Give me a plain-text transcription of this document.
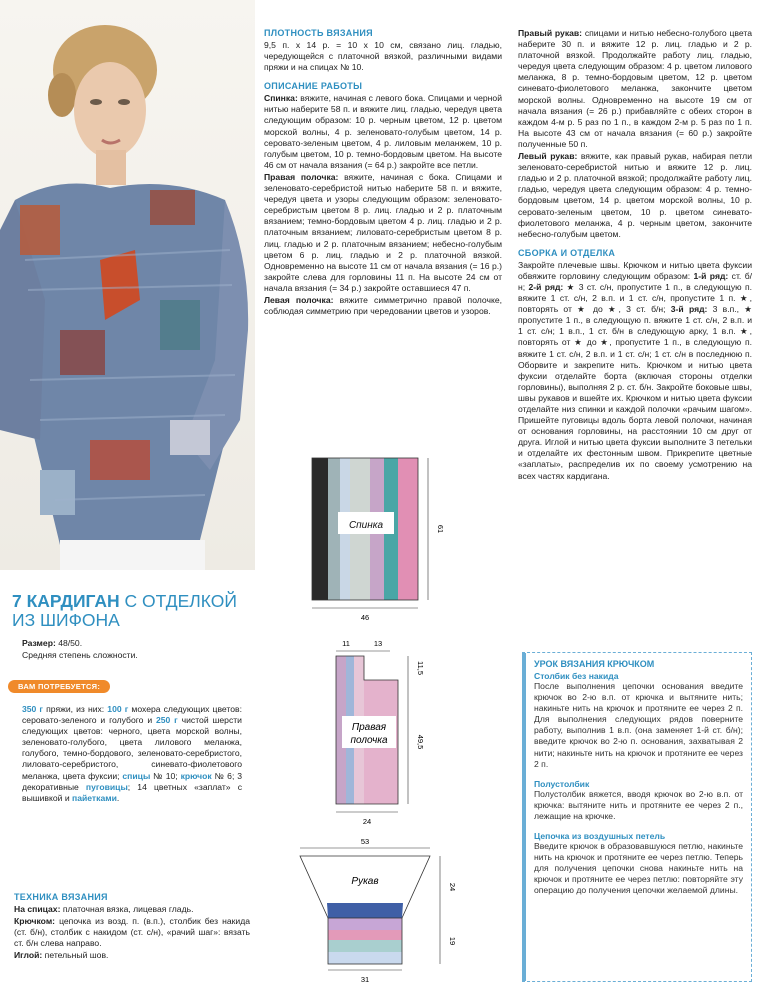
7 КАРДИГАН С ОТДЕЛКОЙ
ИЗ ШИФОНА

Размер: 48/50.

Средняя степень сложности.

ВАМ ПОТРЕБУЕТСЯ:

350 г пряжи, из них: 100 г мохера следующих цветов: серовато-зеленого и голубого и 250 г чистой шерсти следующих цветов: черного, цвета морской волны, зеленовато-голубого, цвета лилового меланжа, голубого, темно-бордового, зеленовато-серебристого, лиловато-серебристого, синевато-фиолетового меланжа, цвета фуксии; спицы № 10; крючок № 6; 3 декоративные пуговицы; 14 цветных «заплат» с вышивкой и пайетками.

ТЕХНИКА ВЯЗАНИЯ

На спицах: платочная вязка, лицевая гладь.

Крючком: цепочка из возд. п. (в.п.), столбик без накида (ст. б/н), столбик с накидом (ст. с/н), «рачий шаг»: вязать ст. б/н слева направо.

Иглой: петельный шов.

ПЛОТНОСТЬ ВЯЗАНИЯ

9,5 п. х 14 р. = 10 х 10 см, связано лиц. гладью, чередующейся с платочной вязкой, различными видами пряжи и на спицах № 10.

ОПИСАНИЕ РАБОТЫ

Спинка: вяжите, начиная с левого бока. Спицами и черной нитью наберите 58 п. и вяжите лиц. гладью, чередуя цвета следующим образом: 10 р. черным цветом, 12 р. цветом морской волны, 4 р. зеленовато-голубым цветом, 14 р. серовато-зеленым цветом, 4 р. лиловым меланжем, 10 р. голубым цветом, 10 р. темно-бордовым цветом. На высоте 46 см от начала вязания (= 64 р.) закройте все петли.

Правая полочка: вяжите, начиная с бока. Спицами и зеленовато-серебристой нитью наберите 58 п. и вяжите, чередуя цвета и узоры следующим образом: зеленовато-серебристым цветом 8 р. лиц. гладью и 2 р. платочным вязанием; темно-бордовым цветом 4 р. лиц. гладью и 2 р. платочным вязанием; лиловато-серебристым цветом 8 р. лиц. гладью и 2 р. платочным вязанием; небесно-голубым цветом 6 р. лиц. гладью и 2 р. платочной вязкой. Одновременно на высоте 11 см от начала вязания (= 16 р.) закройте слева для горловины 11 п. На высоте 24 см от начала вязания (= 34 р.) закройте оставшиеся 47 п.

Левая полочка: вяжите симметрично правой полочке, соблюдая симметрию при чередовании цветов и узоров.

Правый рукав: спицами и нитью небесно-голубого цвета наберите 30 п. и вяжите 12 р. лиц. гладью и 2 р. платочной вязкой. Продолжайте работу лиц. гладью, чередуя цвета следующим образом: 4 р. цветом лилового меланжа, 8 р. темно-бордовым цветом, 12 р. цветом синевато-фиолетового меланжа, закончите цветом морской волны. Одновременно на высоте 19 см от начала вязания (= 26 р.) прибавляйте с обеих сторон в каждом 4-м р. 5 раз по 1 п., в каждом 2-м р. 5 раз по 1 п. На высоте 43 см от начала вязания (= 60 р.) закройте полученные 50 п.

Левый рукав: вяжите, как правый рукав, набирая петли зеленовато-серебристой нитью и вяжите 12 р. лиц. гладью и 2 р. платочной вязкой; продолжайте работу лиц. гладью, чередуя цвета следующим образом: 4 р. темно-бордовым цветом, 14 р. цветом морской волны, 10 р. серовато-зеленым цветом, 10 р. цветом синевато-фиолетового меланжа, 4 р. черным цветом, закончите небесно-голубым цветом.

СБОРКА И ОТДЕЛКА

Закройте плечевые швы. Крючком и нитью цвета фуксии обвяжите горловину следующим образом: 1-й ряд: ст. б/н; 2-й ряд: ★ 3 ст. с/н, пропустите 1 п., в следующую п. вяжите 1 ст. с/н, 2 в.п. и 1 ст. с/н, пропустите 1 п. ★, повторять от ★ до ★, 3 ст. б/н; 3-й ряд: 3 в.п., ★ пропустите 1 п., в следующую п. вяжите 1 ст. с/н, 2 в.п. и 1 ст. с/н; 1 в.п., 1 ст. б/н в следующую арку, 1 в.п. ★, повторять от ★ до ★, пропустите 1 п., в следующую п. вяжите 1 ст. с/н, 2 в.п. и 1 ст. с/н; 1 ст. с/н в последнюю п. Оборвите и закрепите нить. Крючком и нитью цвета фуксии отделайте борта (включая стороны отделки горловины), выполняя 2 р. ст. б/н. Закройте боковые швы, швы рукавов и вшейте их. Крючком и нитью цвета фуксии отделайте низ спинки и каждой полочки «рачьим шагом». Пришейте пуговицы вдоль борта левой полочки, начиная от основания горловины, на расстоянии 10 см друг от друга. Иглой и нитью цвета фуксии выполните 3 петельки и отделайте их фестонным швом. Прикрепите цветные «заплаты», распределив их по своему усмотрению на всех частях кардигана.

УРОК ВЯЗАНИЯ КРЮЧКОМ
Столбик без накида

После выполнения цепочки основания введите крючок во 2-ю в.п. от крючка и вытяните нить; накиньте нить на крючок и протяните ее через 2 п. Для выполнения следующих рядов поверните работу, выполнив 1 в.п. (она заменяет 1-й ст. б/н); введите крючок во 2-ю п. основания, захватывая 2 нити; накиньте нить на крючок и протяните ее через 2 п.

Полустолбик

Полустолбик вяжется, вводя крючок во 2-ю в.п. от крючка: вытяните нить и протяните ее через 2 п., лежащие на крючке.

Цепочка из воздушных петель

Введите крючок в образовавшуюся петлю, накиньте нить на крючок и протяните ее через петлю. Теперь для получения цепочки снова накиньте нить на крючок и протяните ее через петлю: повторяйте эту операцию до получения цепочки желаемой длины.

Спинка
46
61
11	13
Правая
полочка
11,5
49,5
24
53
Рукав	24
19
31
